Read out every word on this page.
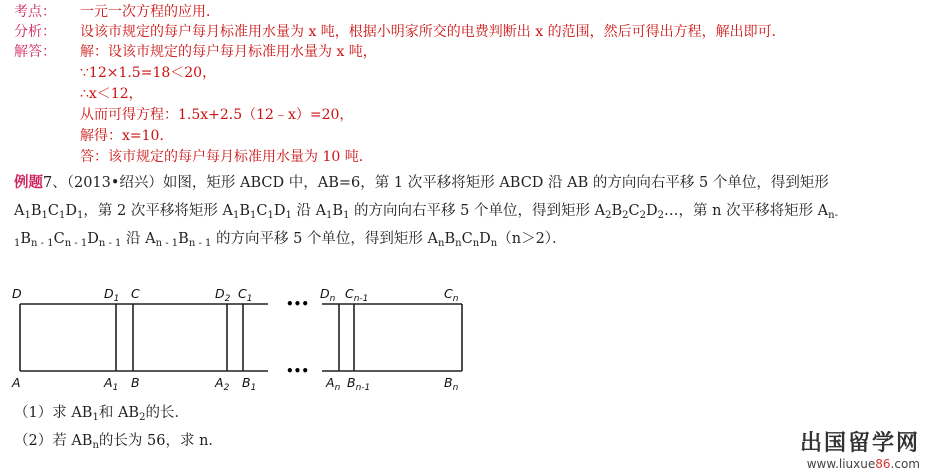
考点： 一元一次方程的应用．
分析： 设该市规定的每户每月标准用水量为 x 吨，根据小明家所交的电费判断出 x 的范围，然后可得出方程，解出即可．
解答： 解：设该市规定的每户每月标准用水量为 x 吨，
∵12×1.5=18＜20，
∴x＜12，
从而可得方程：1.5x+2.5（12﹣x）=20，
解得：x=10．
答：该市规定的每户每月标准用水量为 10 吨．
例题7、（2013•绍兴）如图，矩形 ABCD 中，AB=6，第 1 次平移将矩形 ABCD 沿 AB 的方向向右平移 5 个单位，得到矩形
$A_1B_1C_1D_1$，第 2 次平移将矩形 $A_1B_1C_1D_1$ 沿 $A_1B_1$ 的方向向右平移 5 个单位，得到矩形 $A_2B_2C_2D_2\dots$，第 n 次平移将矩形 $A_{n-}$
$_1B_{n - 1}C_{n - 1}D_{n - 1}$ 沿 $A_{n - 1}B_{n - 1}$ 的方向平移 5 个单位，得到矩形 $A_nB_nC_nD_n(n>2)$．
•••
•••
D	$D_1$ C	$D_2$ $C_1$	$D_n$ $C_{n-1}$	$C_n$
A	$A_1$ B	$A_2$ $B_1$	$A_n$ $B_{n-1}$	$B_n$
（1）求 $AB_1$和 $AB_2$的长．
（2）若 $AB_n$的长为 56，求 n．	出国留学网
www.liuxue86.com
